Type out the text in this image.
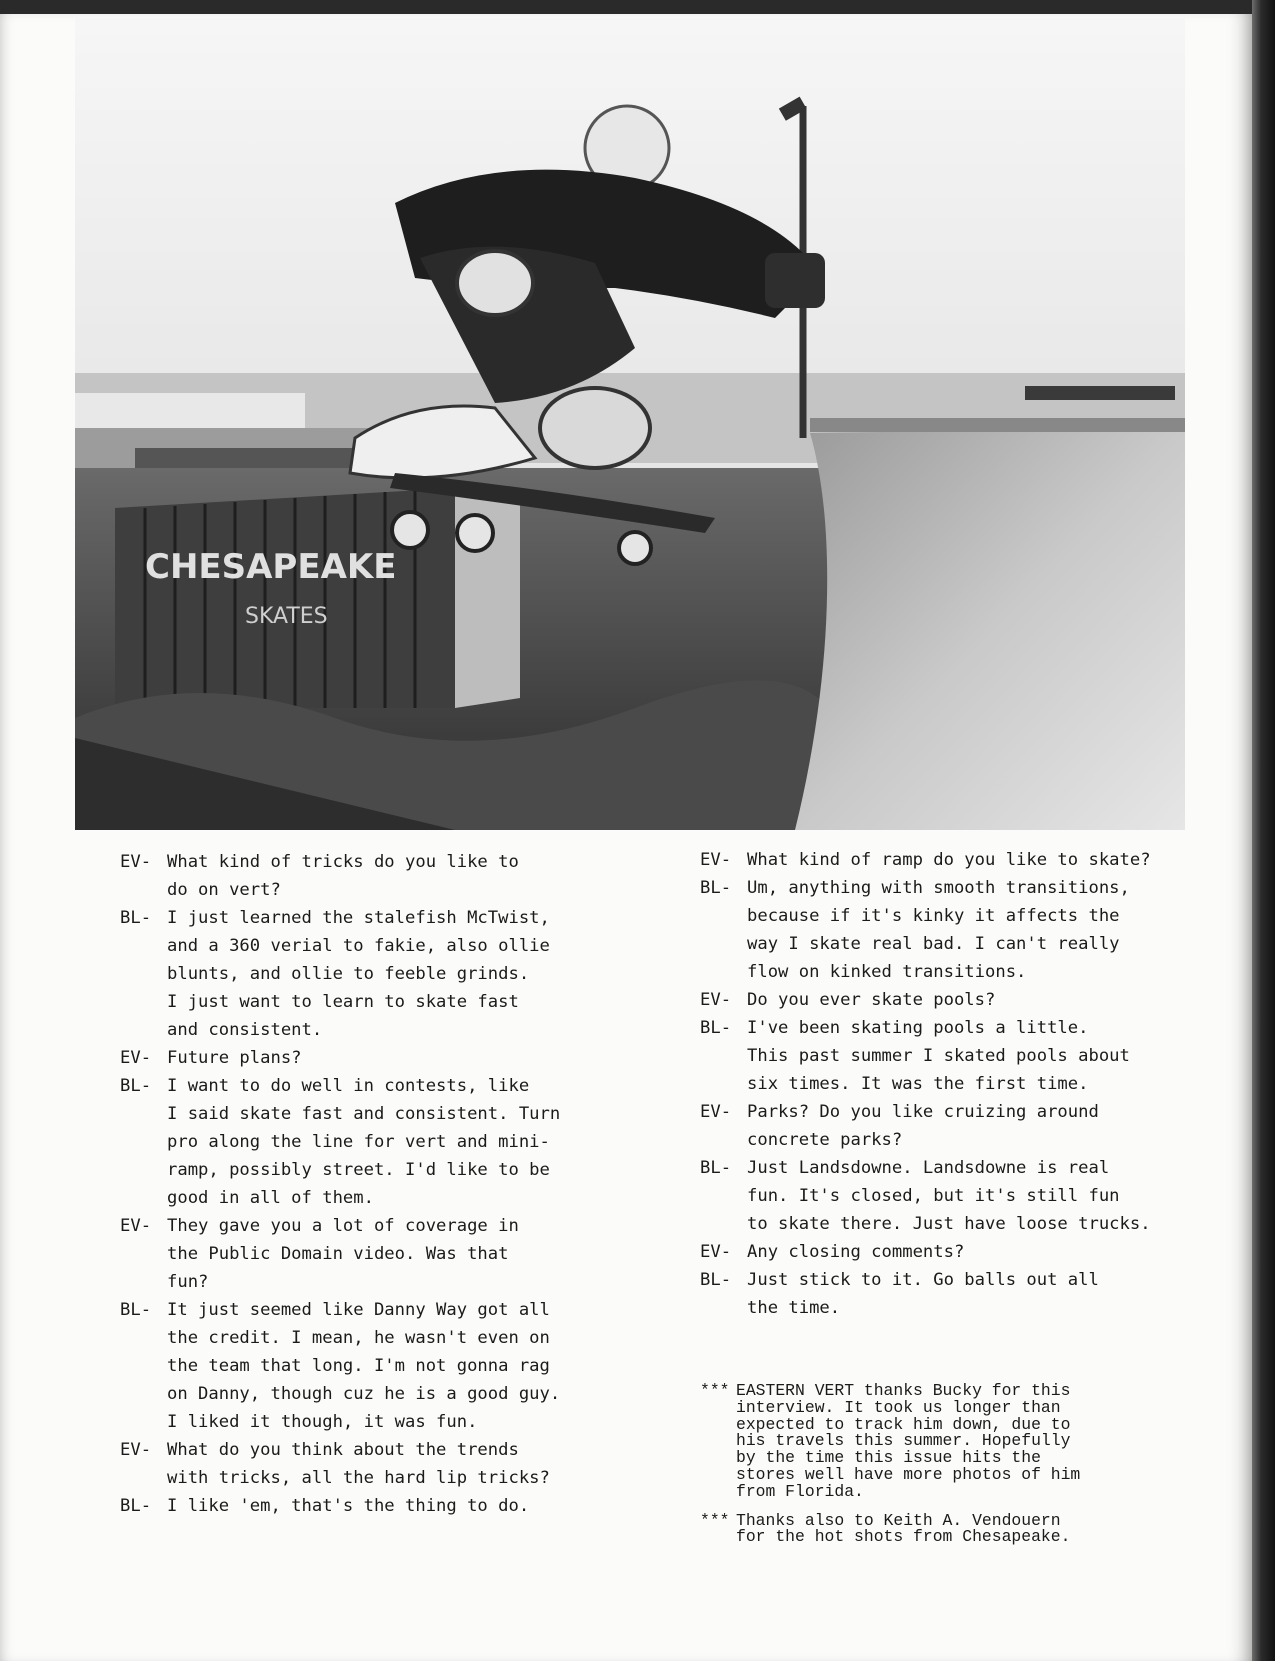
CHESAPEAKE
SKATES
EV- What kind of tricks do you like to
do on vert?
BL- I just learned the stalefish McTwist,
and a 360 verial to fakie, also ollie
blunts, and ollie to feeble grinds.
I just want to learn to skate fast
and consistent.
EV- Future plans?
BL- I want to do well in contests, like
I said skate fast and consistent. Turn
pro along the line for vert and mini-
ramp, possibly street. I'd like to be
good in all of them.
EV- They gave you a lot of coverage in
the Public Domain video. Was that
fun?
BL- It just seemed like Danny Way got all
the credit. I mean, he wasn't even on
the team that long. I'm not gonna rag
on Danny, though cuz he is a good guy.
I liked it though, it was fun.
EV- What do you think about the trends
with tricks, all the hard lip tricks?
BL- I like 'em, that's the thing to do.
EV- What kind of ramp do you like to skate?
BL- Um, anything with smooth transitions,
because if it's kinky it affects the
way I skate real bad. I can't really
flow on kinked transitions.
EV- Do you ever skate pools?
BL- I've been skating pools a little.
This past summer I skated pools about
six times. It was the first time.
EV- Parks? Do you like cruizing around
concrete parks?
BL- Just Landsdowne. Landsdowne is real
fun. It's closed, but it's still fun
to skate there. Just have loose trucks.
EV- Any closing comments?
BL- Just stick to it. Go balls out all
the time.
*** EASTERN VERT thanks Bucky for this
interview. It took us longer than
expected to track him down, due to
his travels this summer. Hopefully
by the time this issue hits the
stores well have more photos of him
from Florida.
*** Thanks also to Keith A. Vendouern
for the hot shots from Chesapeake.
